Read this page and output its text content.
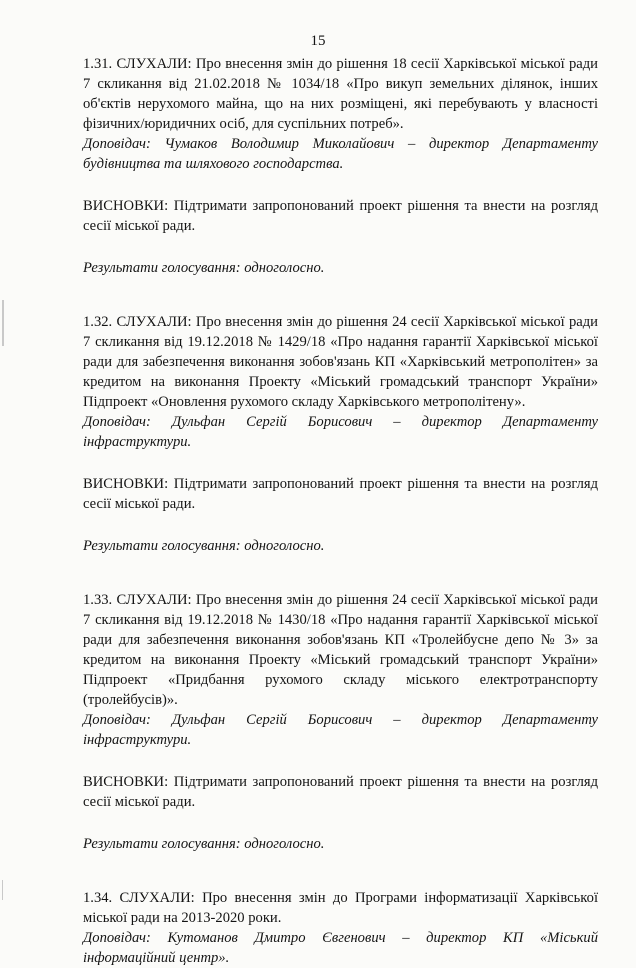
15

1.31. СЛУХАЛИ: Про внесення змін до рішення 18 сесії Харківської міської ради 7 скликання від 21.02.2018 № 1034/18 «Про викуп земельних ділянок, інших об'єктів нерухомого майна, що на них розміщені, які перебувають у власності фізичних/юридичних осіб, для суспільних потреб».

Доповідач: Чумаков Володимир Миколайович – директор Департаменту будівництва та шляхового господарства.

ВИСНОВКИ: Підтримати запропонований проект рішення та внести на розгляд сесії міської ради.

Результати голосування: одноголосно.

1.32. СЛУХАЛИ: Про внесення змін до рішення 24 сесії Харківської міської ради 7 скликання від 19.12.2018 № 1429/18 «Про надання гарантії Харківської міської ради для забезпечення виконання зобов'язань КП «Харківський метрополітен» за кредитом на виконання Проекту «Міський громадський транспорт України» Підпроект «Оновлення рухомого складу Харківського метрополітену».

Доповідач: Дульфан Сергій Борисович – директор Департаменту інфраструктури.

ВИСНОВКИ: Підтримати запропонований проект рішення та внести на розгляд сесії міської ради.

Результати голосування: одноголосно.

1.33. СЛУХАЛИ: Про внесення змін до рішення 24 сесії Харківської міської ради 7 скликання від 19.12.2018 № 1430/18 «Про надання гарантії Харківської міської ради для забезпечення виконання зобов'язань КП «Тролейбусне депо № 3» за кредитом на виконання Проекту «Міський громадський транспорт України» Підпроект «Придбання рухомого складу міського електротранспорту (тролейбусів)».

Доповідач: Дульфан Сергій Борисович – директор Департаменту інфраструктури.

ВИСНОВКИ: Підтримати запропонований проект рішення та внести на розгляд сесії міської ради.

Результати голосування: одноголосно.

1.34. СЛУХАЛИ: Про внесення змін до Програми інформатизації Харківської міської ради на 2013-2020 роки.

Доповідач: Кутоманов Дмитро Євгенович – директор КП «Міський інформаційний центр».
